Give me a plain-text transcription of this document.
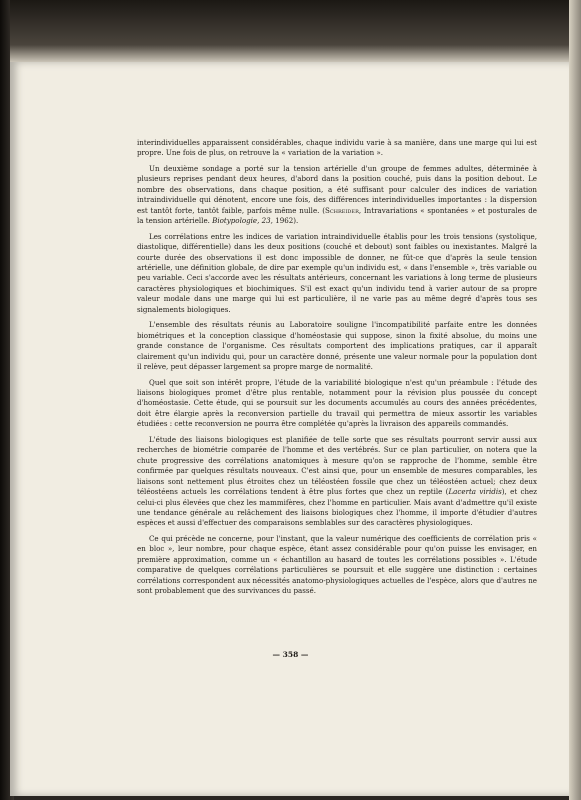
interindividuelles apparaissent considérables, chaque individu varie à sa manière, dans une marge qui lui est propre. Une fois de plus, on retrouve la « variation de la variation ».

Un deuxième sondage a porté sur la tension artérielle d'un groupe de femmes adultes, déterminée à plusieurs reprises pendant deux heures, d'abord dans la position couché, puis dans la position debout. Le nombre des observations, dans chaque position, a été suffisant pour calculer des indices de variation intraindividuelle qui dénotent, encore une fois, des différences interindividuelles importantes : la dispersion est tantôt forte, tantôt faible, parfois même nulle. (Schreider, Intravariations « spontanées » et posturales de la tension artérielle. Biotypologie, 23, 1962).

Les corrélations entre les indices de variation intraindividuelle établis pour les trois tensions (systolique, diastolique, différentielle) dans les deux positions (couché et debout) sont faibles ou inexistantes. Malgré la courte durée des observations il est donc impossible de donner, ne fût-ce que d'après la seule tension artérielle, une définition globale, de dire par exemple qu'un individu est, « dans l'ensemble », très variable ou peu variable. Ceci s'accorde avec les résultats antérieurs, concernant les variations à long terme de plusieurs caractères physiologiques et biochimiques. S'il est exact qu'un individu tend à varier autour de sa propre valeur modale dans une marge qui lui est particulière, il ne varie pas au même degré d'après tous ses signalements biologiques.

L'ensemble des résultats réunis au Laboratoire souligne l'incompatibilité parfaite entre les données biométriques et la conception classique d'homéostasie qui suppose, sinon la fixité absolue, du moins une grande constance de l'organisme. Ces résultats comportent des implications pratiques, car il apparaît clairement qu'un individu qui, pour un caractère donné, présente une valeur normale pour la population dont il relève, peut dépasser largement sa propre marge de normalité.

Quel que soit son intérêt propre, l'étude de la variabilité biologique n'est qu'un préambule : l'étude des liaisons biologiques promet d'être plus rentable, notamment pour la révision plus poussée du concept d'homéostasie. Cette étude, qui se poursuit sur les documents accumulés au cours des années précédentes, doit être élargie après la reconversion partielle du travail qui permettra de mieux assortir les variables étudiées : cette reconversion ne pourra être complétée qu'après la livraison des appareils commandés.

L'étude des liaisons biologiques est planifiée de telle sorte que ses résultats pourront servir aussi aux recherches de biométrie comparée de l'homme et des vertébrés. Sur ce plan particulier, on notera que la chute progressive des corrélations anatomiques à mesure qu'on se rapproche de l'homme, semble être confirmée par quelques résultats nouveaux. C'est ainsi que, pour un ensemble de mesures comparables, les liaisons sont nettement plus étroites chez un téléostéen fossile que chez un téléostéen actuel; chez deux téléostéens actuels les corrélations tendent à être plus fortes que chez un reptile (Lacerta viridis), et chez celui-ci plus élevées que chez les mammifères, chez l'homme en particulier. Mais avant d'admettre qu'il existe une tendance générale au relâchement des liaisons biologiques chez l'homme, il importe d'étudier d'autres espèces et aussi d'effectuer des comparaisons semblables sur des caractères physiologiques.

Ce qui précède ne concerne, pour l'instant, que la valeur numérique des coefficients de corrélation pris « en bloc », leur nombre, pour chaque espèce, étant assez considérable pour qu'on puisse les envisager, en première approximation, comme un « échantillon au hasard de toutes les corrélations possibles ». L'étude comparative de quelques corrélations particulières se poursuit et elle suggère une distinction : certaines corrélations correspondent aux nécessités anatomo-physiologiques actuelles de l'espèce, alors que d'autres ne sont probablement que des survivances du passé.

— 358 —
